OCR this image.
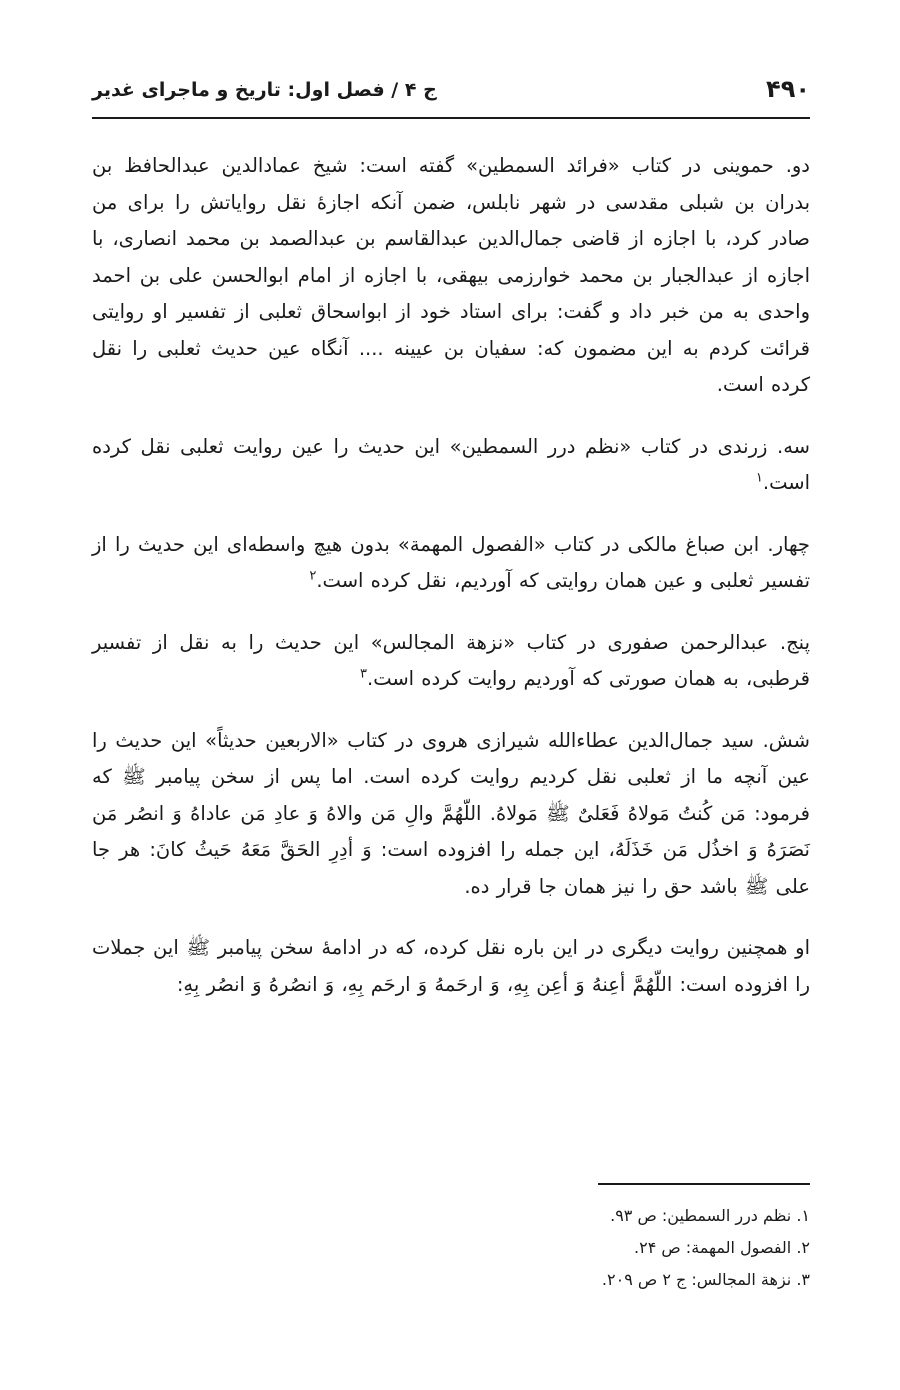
۴۹۰
ج ۴ / فصل اول: تاریخ و ماجرای غدیر

دو. حموینی در کتاب «فرائد السمطین» گفته است: شیخ عمادالدین عبدالحافظ بن بدران بن شبلی مقدسی در شهر نابلس، ضمن آنکه اجازهٔ نقل روایاتش را برای من صادر کرد، با اجازه از قاضی جمال‌الدین عبدالقاسم بن عبدالصمد بن محمد انصاری، با اجازه از عبدالجبار بن محمد خوارزمی بیهقی، با اجازه از امام ابوالحسن علی بن احمد واحدی به من خبر داد و گفت: برای استاد خود از ابواسحاق ثعلبی از تفسیر او روایتی قرائت کردم به این مضمون که: سفیان بن عیینه .... آنگاه عین حدیث ثعلبی را نقل کرده است.

سه. زرندی در کتاب «نظم درر السمطین» این حدیث را عین روایت ثعلبی نقل کرده است.$^۱$

چهار. ابن صباغ مالکی در کتاب «الفصول المهمة» بدون هیچ واسطه‌ای این حدیث را از تفسیر ثعلبی و عین همان روایتی که آوردیم، نقل کرده است.$^۲$

پنج. عبدالرحمن صفوری در کتاب «نزهة المجالس» این حدیث را به نقل از تفسیر قرطبی، به همان صورتی که آوردیم روایت کرده است.$^۳$

شش. سید جمال‌الدین عطاءالله شیرازی هروی در کتاب «الاربعین حدیثاً» این حدیث را عین آنچه ما از ثعلبی نقل کردیم روایت کرده است. اما پس از سخن پیامبر ﷺ که فرمود: مَن کُنتُ مَولاهُ فَعَلیٌ ﷺ مَولاهُ. اللّهُمَّ والِ مَن والاهُ وَ عادِ مَن عاداهُ وَ انصُر مَن نَصَرَهُ وَ اخذُل مَن خَذَلَهُ، این جمله را افزوده است: وَ أدِرِ الحَقَّ مَعَهُ حَیثُ کانَ: هر جا علی ﷺ باشد حق را نیز همان جا قرار ده.

او همچنین روایت دیگری در این باره نقل کرده، که در ادامهٔ سخن پیامبر ﷺ این جملات را افزوده است: اللّهُمَّ أعِنهُ وَ أعِن بِهِ، وَ ارحَمهُ وَ ارحَم بِهِ، وَ انصُرهُ وَ انصُر بِهِ:

۱. نظم درر السمطین: ص ۹۳.
۲. الفصول المهمة: ص ۲۴.
۳. نزهة المجالس: ج ۲ ص ۲۰۹.
